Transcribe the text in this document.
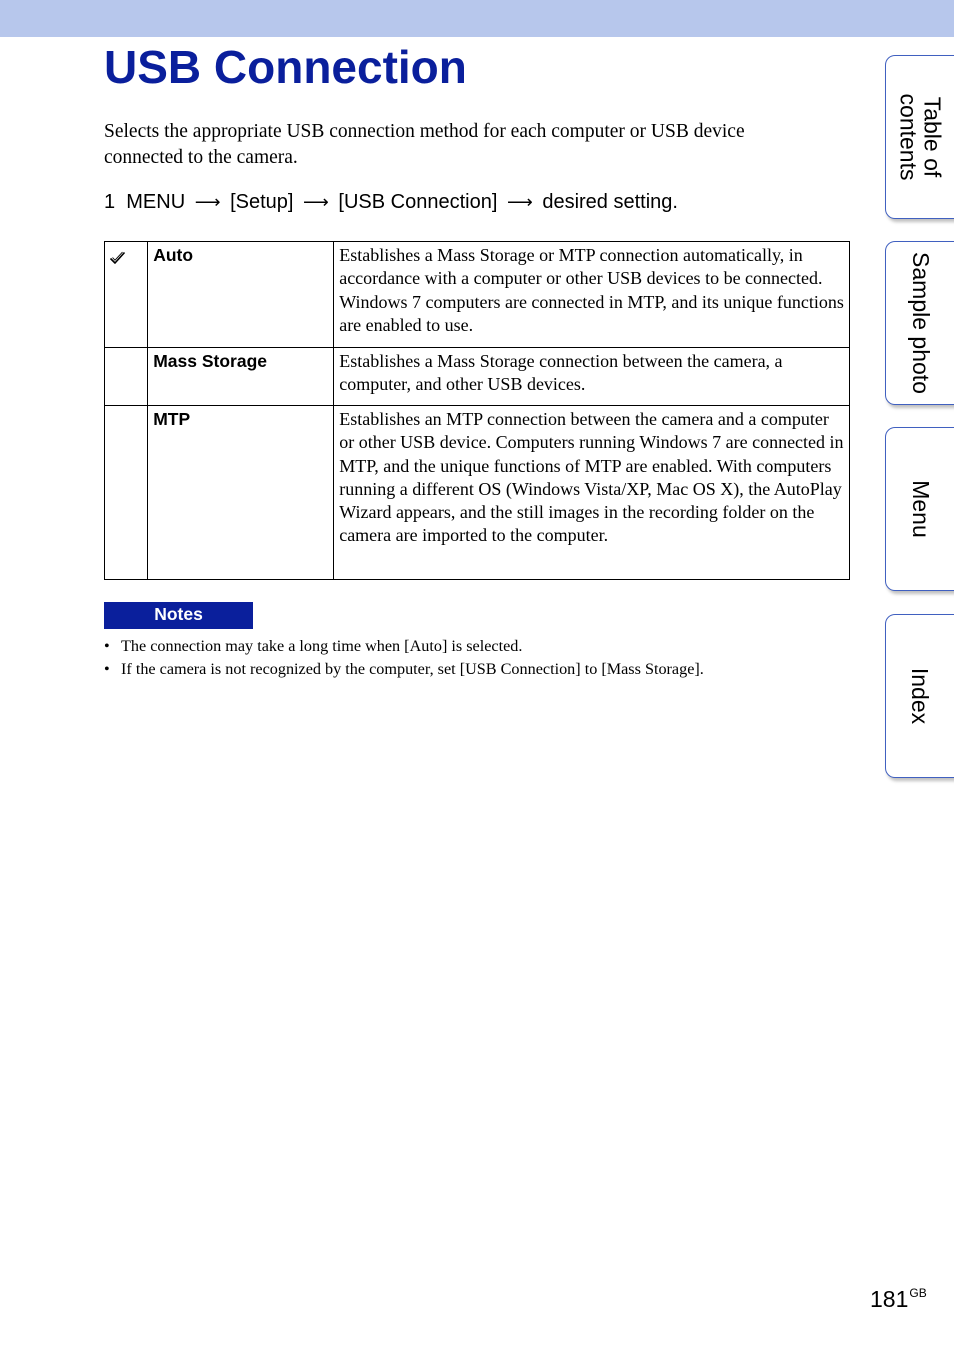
USB Connection
Selects the appropriate USB connection method for each computer or USB device connected to the camera.
1 MENU ⟶ [Setup] ⟶ [USB Connection] ⟶ desired setting.
	Auto	Establishes a Mass Storage or MTP connection automatically, in accordance with a computer or other USB devices to be connected. Windows 7 computers are connected in MTP, and its unique functions are enabled to use.
	Mass Storage	Establishes a Mass Storage connection between the camera, a computer, and other USB devices.
	MTP	Establishes an MTP connection between the camera and a computer or other USB device. Computers running Windows 7 are connected in MTP, and the unique functions of MTP are enabled. With computers running a different OS (Windows Vista/XP, Mac OS X), the AutoPlay Wizard appears, and the still images in the recording folder on the camera are imported to the computer.
Notes
• The connection may take a long time when [Auto] is selected.
• If the camera is not recognized by the computer, set [USB Connection] to [Mass Storage].
Table of
contents
Sample photo
Menu
Index
$181^{GB}$
